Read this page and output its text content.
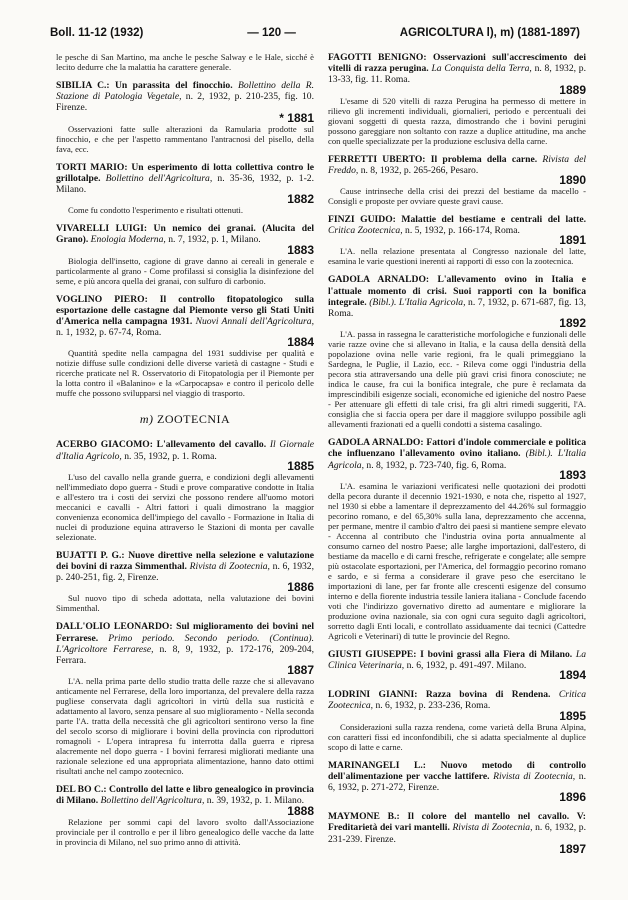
Boll. 11-12 (1932)	— 120 —	AGRICOLTURA l), m) (1881-1897)
le pesche di San Martino, ma anche le pesche Salway e le Hale, sicché è lecito dedurre che la malattia ha carattere generale.
SIBILIA C.: Un parassita del finocchio. Bollettino della R. Stazione di Patologia Vegetale, n. 2, 1932, p. 210-235, fig. 10. Firenze.
* 1881
Osservazioni fatte sulle alterazioni da Ramularia prodotte sul finocchio, e che per l'aspetto rammentano l'antracnosi del pisello, della fava, ecc.
TORTI MARIO: Un esperimento di lotta collettiva contro le grillotalpe. Bollettino dell'Agricoltura, n. 35-36, 1932, p. 1-2. Milano.
1882
Come fu condotto l'esperimento e risultati ottenuti.
VIVARELLI LUIGI: Un nemico dei granai. (Alucita del Grano). Enologia Moderna, n. 7, 1932, p. 1, Milano.
1883
Biologia dell'insetto, cagione di grave danno ai cereali in generale e particolarmente al grano - Come profilassi si consiglia la disinfezione del seme, e più ancora quella dei granai, con sulfuro di carbonio.
VOGLINO PIERO: Il controllo fitopatologico sulla esportazione delle castagne dal Piemonte verso gli Stati Uniti d'America nella campagna 1931. Nuovi Annali dell'Agricoltura, n. 1, 1932, p. 67-74, Roma.
1884
Quantità spedite nella campagna del 1931 suddivise per qualità e notizie diffuse sulle condizioni delle diverse varietà di castagne - Studi e ricerche praticate nel R. Osservatorio di Fitopatologia per il Piemonte per la lotta contro il «Balanino» e la «Carpocapsa» e contro il pericolo delle muffe che possono svilupparsi nel viaggio di trasporto.
m) ZOOTECNIA
ACERBO GIACOMO: L'allevamento del cavallo. Il Giornale d'Italia Agricolo, n. 35, 1932, p. 1. Roma.
1885
L'uso del cavallo nella grande guerra, e condizioni degli allevamenti nell'immediato dopo guerra - Studi e prove comparative condotte in Italia e all'estero tra i costi dei servizi che possono rendere all'uomo motori meccanici e cavalli - Altri fattori i quali dimostrano la maggior convenienza economica dell'impiego del cavallo - Formazione in Italia di nuclei di produzione equina attraverso le Stazioni di monta per cavalle selezionate.
BUJATTI P. G.: Nuove direttive nella selezione e valutazione dei bovini di razza Simmenthal. Rivista di Zootecnia, n. 6, 1932, p. 240-251, fig. 2, Firenze.
1886
Sul nuovo tipo di scheda adottata, nella valutazione dei bovini Simmenthal.
DALL'OLIO LEONARDO: Sul miglioramento dei bovini nel Ferrarese. Primo periodo. Secondo periodo. (Continua). L'Agricoltore Ferrarese, n. 8, 9, 1932, p. 172-176, 209-204, Ferrara.
1887
L'A. nella prima parte dello studio tratta delle razze che si allevavano anticamente nel Ferrarese, della loro importanza, del prevalere della razza pugliese conservata dagli agricoltori in virtù della sua rusticità e adattamento al lavoro, senza pensare al suo miglioramento - Nella seconda parte l'A. tratta della necessità che gli agricoltori sentirono verso la fine del secolo scorso di migliorare i bovini della provincia con riproduttori romagnoli - L'opera intrapresa fu interrotta dalla guerra e ripresa alacremente nel dopo guerra - I bovini ferraresi migliorati mediante una razionale selezione ed una appropriata alimentazione, hanno dato ottimi risultati anche nel campo zootecnico.
DEL BO C.: Controllo del latte e libro genealogico in provincia di Milano. Bollettino dell'Agricoltura, n. 39, 1932, p. 1. Milano.
1888
Relazione per sommi capi del lavoro svolto dall'Associazione provinciale per il controllo e per il libro genealogico delle vacche da latte in provincia di Milano, nel suo primo anno di attività.
FAGOTTI BENIGNO: Osservazioni sull'accrescimento dei vitelli di razza perugina. La Conquista della Terra, n. 8, 1932, p. 13-33, fig. 11. Roma.
1889
L'esame di 520 vitelli di razza Perugina ha permesso di mettere in rilievo gli incrementi individuali, giornalieri, periodo e percentuali dei giovani soggetti di questa razza, dimostrando che i bovini perugini possono gareggiare non soltanto con razze a duplice attitudine, ma anche con quelle specializzate per la produzione esclusiva della carne.
FERRETTI UBERTO: Il problema della carne. Rivista del Freddo, n. 8, 1932, p. 265-266, Pesaro.
1890
Cause intrinseche della crisi dei prezzi del bestiame da macello - Consigli e proposte per ovviare queste gravi cause.
FINZI GUIDO: Malattie del bestiame e centrali del latte. Critica Zootecnica, n. 5, 1932, p. 166-174, Roma.
1891
L'A. nella relazione presentata al Congresso nazionale del latte, esamina le varie questioni inerenti ai rapporti di esso con la zootecnica.
GADOLA ARNALDO: L'allevamento ovino in Italia e l'attuale momento di crisi. Suoi rapporti con la bonifica integrale. (Bibl.). L'Italia Agricola, n. 7, 1932, p. 671-687, fig. 13, Roma.
1892
L'A. passa in rassegna le caratteristiche morfologiche e funzionali delle varie razze ovine che si allevano in Italia, e la causa della densità della popolazione ovina nelle varie regioni, fra le quali primeggiano la Sardegna, le Puglie, il Lazio, ecc. - Rileva come oggi l'industria della pecora stia attraversando una delle più gravi crisi finora conosciute; ne indica le cause, fra cui la bonifica integrale, che pure è reclamata da imprescindibili esigenze sociali, economiche ed igieniche del nostro Paese - Per attenuare gli effetti di tale crisi, fra gli altri rimedi suggeriti, l'A. consiglia che si faccia opera per dare il maggiore sviluppo possibile agli allevamenti frazionati ed a quelli condotti a sistema casalingo.
GADOLA ARNALDO: Fattori d'indole commerciale e politica che influenzano l'allevamento ovino italiano. (Bibl.). L'Italia Agricola, n. 8, 1932, p. 723-740, fig. 6, Roma.
1893
L'A. esamina le variazioni verificatesi nelle quotazioni dei prodotti della pecora durante il decennio 1921-1930, e nota che, rispetto al 1927, nel 1930 si ebbe a lamentare il deprezzamento del 44.26% sul formaggio pecorino romano, e del 65,30% sulla lana, deprezzamento che accenna, per permane, mentre il cambio d'altro dei paesi si mantiene sempre elevato - Accenna al contributo che l'industria ovina porta annualmente al consumo carneo del nostro Paese; alle larghe importazioni, dall'estero, di bestiame da macello e di carni fresche, refrigerate e congelate; alle sempre più ostacolate esportazioni, per l'America, del formaggio pecorino romano e sardo, e si ferma a considerare il grave peso che esercitano le importazioni di lane, per far fronte alle crescenti esigenze del consumo interno e della fiorente industria tessile laniera italiana - Conclude facendo voti che l'indirizzo governativo diretto ad aumentare e migliorare la produzione ovina nazionale, sia con ogni cura seguito dagli agricoltori, sorretto dagli Enti locali, e controllato assiduamente dai tecnici (Cattedre Agricoli e Veterinari) di tutte le provincie del Regno.
GIUSTI GIUSEPPE: I bovini grassi alla Fiera di Milano. La Clinica Veterinaria, n. 6, 1932, p. 491-497. Milano.
1894
LODRINI GIANNI: Razza bovina di Rendena. Critica Zootecnica, n. 6, 1932, p. 233-236, Roma.
1895
Considerazioni sulla razza rendena, come varietà della Bruna Alpina, con caratteri fissi ed inconfondibili, che si adatta specialmente al duplice scopo di latte e carne.
MARINANGELI L.: Nuovo metodo di controllo dell'alimentazione per vacche lattifere. Rivista di Zootecnia, n. 6, 1932, p. 271-272, Firenze.
1896
MAYMONE B.: Il colore del mantello nel cavallo. V: Freditarietà dei vari mantelli. Rivista di Zootecnia, n. 6, 1932, p. 231-239. Firenze.
1897
